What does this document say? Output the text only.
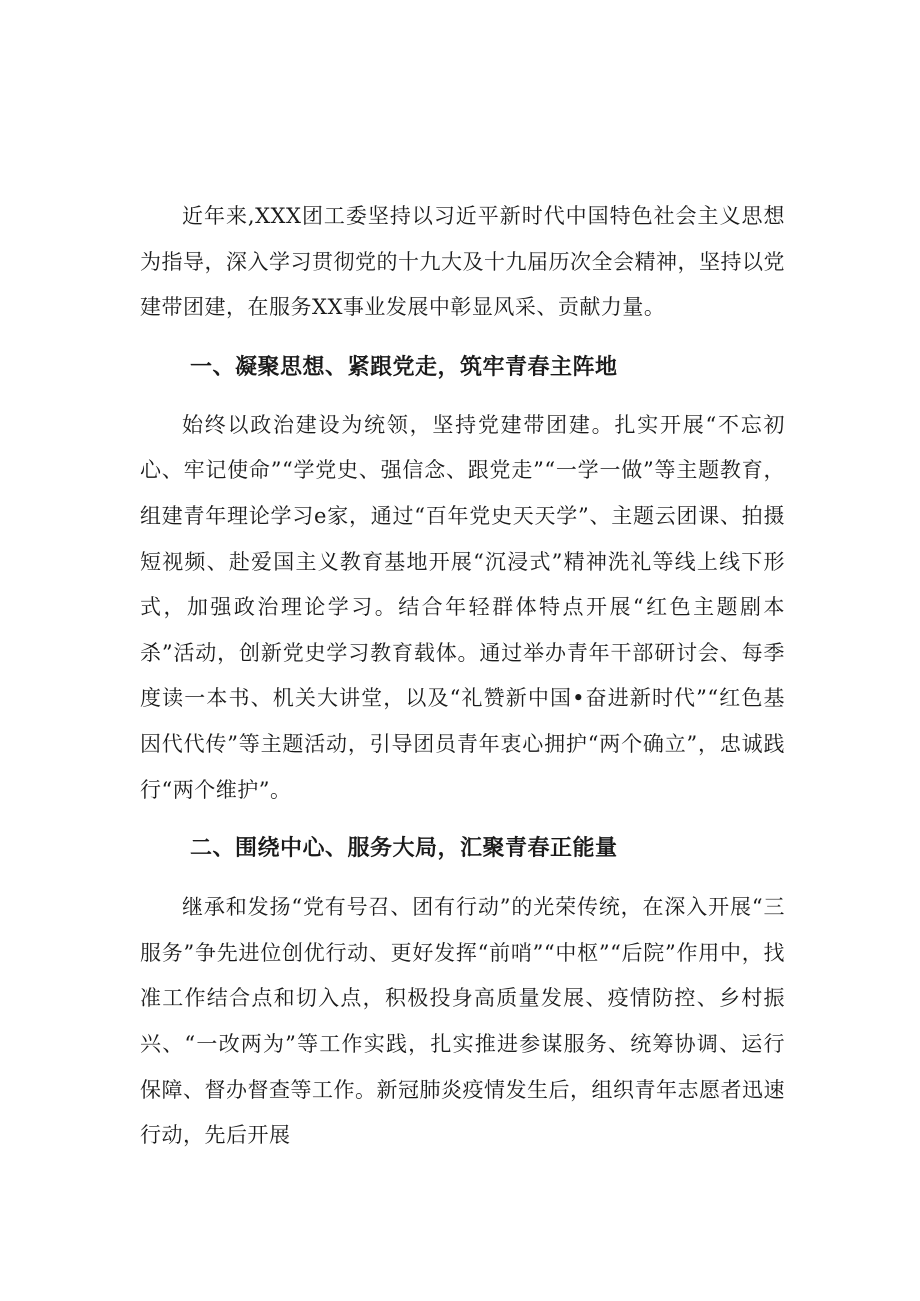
近年来,XXX团工委坚持以习近平新时代中国特色社会主义思想为指导，深入学习贯彻党的十九大及十九届历次全会精神，坚持以党建带团建，在服务XX事业发展中彰显风采、贡献力量。

一、凝聚思想、紧跟党走，筑牢青春主阵地

始终以政治建设为统领，坚持党建带团建。扎实开展“不忘初心、牢记使命”“学党史、强信念、跟党走”“一学一做”等主题教育，组建青年理论学习e家，通过“百年党史天天学”、主题云团课、拍摄短视频、赴爱国主义教育基地开展“沉浸式”精神洗礼等线上线下形式，加强政治理论学习。结合年轻群体特点开展“红色主题剧本杀”活动，创新党史学习教育载体。通过举办青年干部研讨会、每季度读一本书、机关大讲堂，以及“礼赞新中国•奋进新时代”“红色基因代代传”等主题活动，引导团员青年衷心拥护“两个确立”，忠诚践行“两个维护”。

二、围绕中心、服务大局，汇聚青春正能量

继承和发扬“党有号召、团有行动”的光荣传统，在深入开展“三服务”争先进位创优行动、更好发挥“前哨”“中枢”“后院”作用中，找准工作结合点和切入点，积极投身高质量发展、疫情防控、乡村振兴、“一改两为”等工作实践，扎实推进参谋服务、统筹协调、运行保障、督办督查等工作。新冠肺炎疫情发生后，组织青年志愿者迅速行动，先后开展
